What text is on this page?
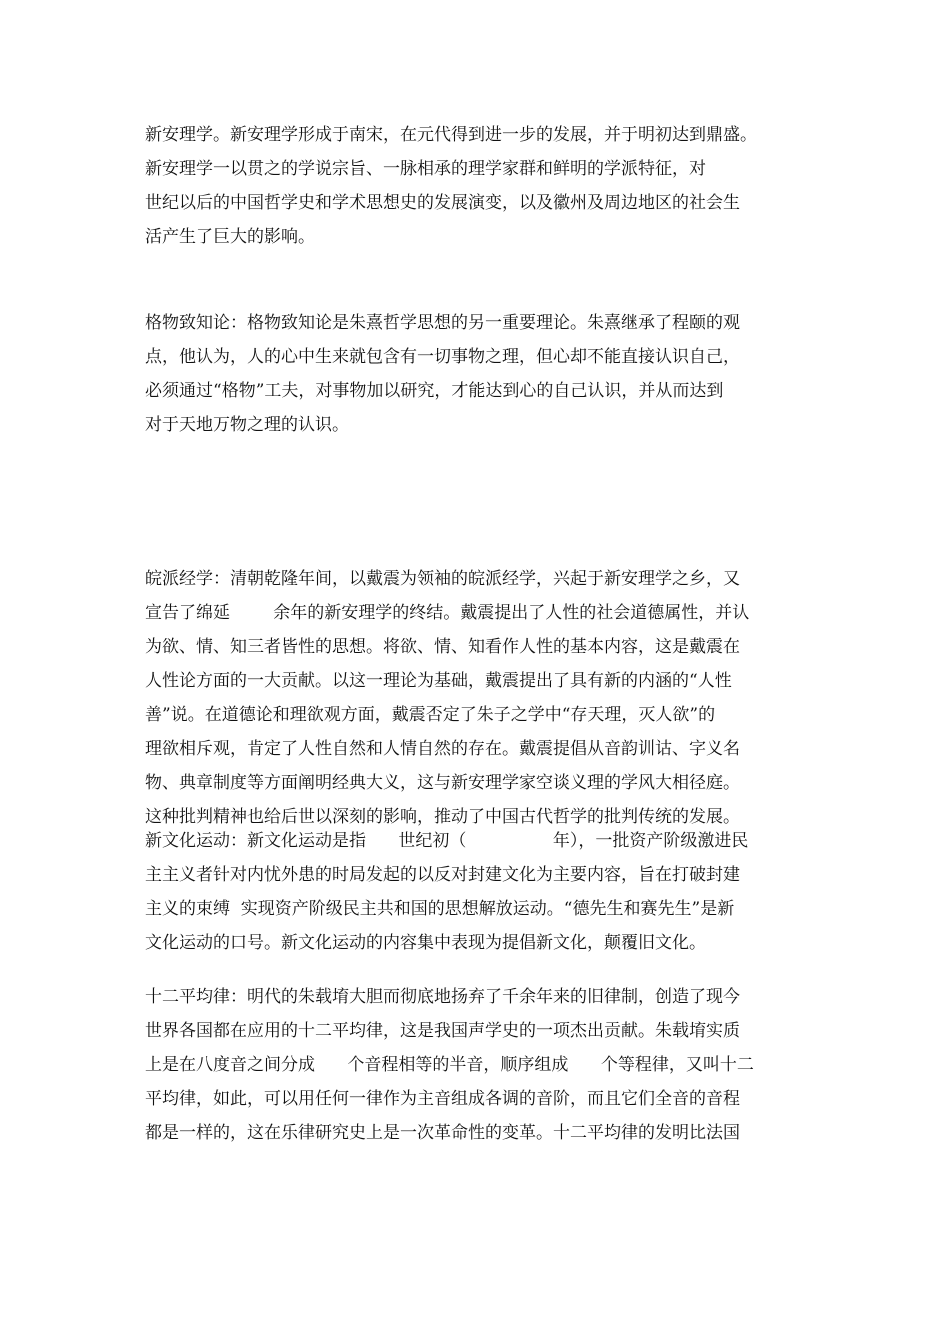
新安理学。新安理学形成于南宋，在元代得到进一步的发展，并于明初达到鼎盛。
新安理学一以贯之的学说宗旨、一脉相承的理学家群和鲜明的学派特征，对
世纪以后的中国哲学史和学术思想史的发展演变，以及徽州及周边地区的社会生
活产生了巨大的影响。
格物致知论：格物致知论是朱熹哲学思想的另一重要理论。朱熹继承了程颐的观
点，他认为，人的心中生来就包含有一切事物之理，但心却不能直接认识自己，
必须通过“格物”工夫，对事物加以研究，才能达到心的自己认识，并从而达到
对于天地万物之理的认识。
皖派经学：清朝乾隆年间，以戴震为领袖的皖派经学，兴起于新安理学之乡，又
宣告了绵延        余年的新安理学的终结。戴震提出了人性的社会道德属性，并认
为欲、情、知三者皆性的思想。将欲、情、知看作人性的基本内容，这是戴震在
人性论方面的一大贡献。以这一理论为基础，戴震提出了具有新的内涵的“人性
善”说。在道德论和理欲观方面，戴震否定了朱子之学中“存天理，灭人欲”的
理欲相斥观，肯定了人性自然和人情自然的存在。戴震提倡从音韵训诂、字义名
物、典章制度等方面阐明经典大义，这与新安理学家空谈义理的学风大相径庭。
这种批判精神也给后世以深刻的影响，推动了中国古代哲学的批判传统的发展。
新文化运动：新文化运动是指      世纪初（                年），一批资产阶级激进民
主主义者针对内忧外患的时局发起的以反对封建文化为主要内容，旨在打破封建
主义的束缚  实现资产阶级民主共和国的思想解放运动。“德先生和赛先生”是新
文化运动的口号。新文化运动的内容集中表现为提倡新文化，颠覆旧文化。
十二平均律：明代的朱载堉大胆而彻底地扬弃了千余年来的旧律制，创造了现今
世界各国都在应用的十二平均律，这是我国声学史的一项杰出贡献。朱载堉实质
上是在八度音之间分成      个音程相等的半音，顺序组成      个等程律，又叫十二
平均律，如此，可以用任何一律作为主音组成各调的音阶，而且它们全音的音程
都是一样的，这在乐律研究史上是一次革命性的变革。十二平均律的发明比法国
